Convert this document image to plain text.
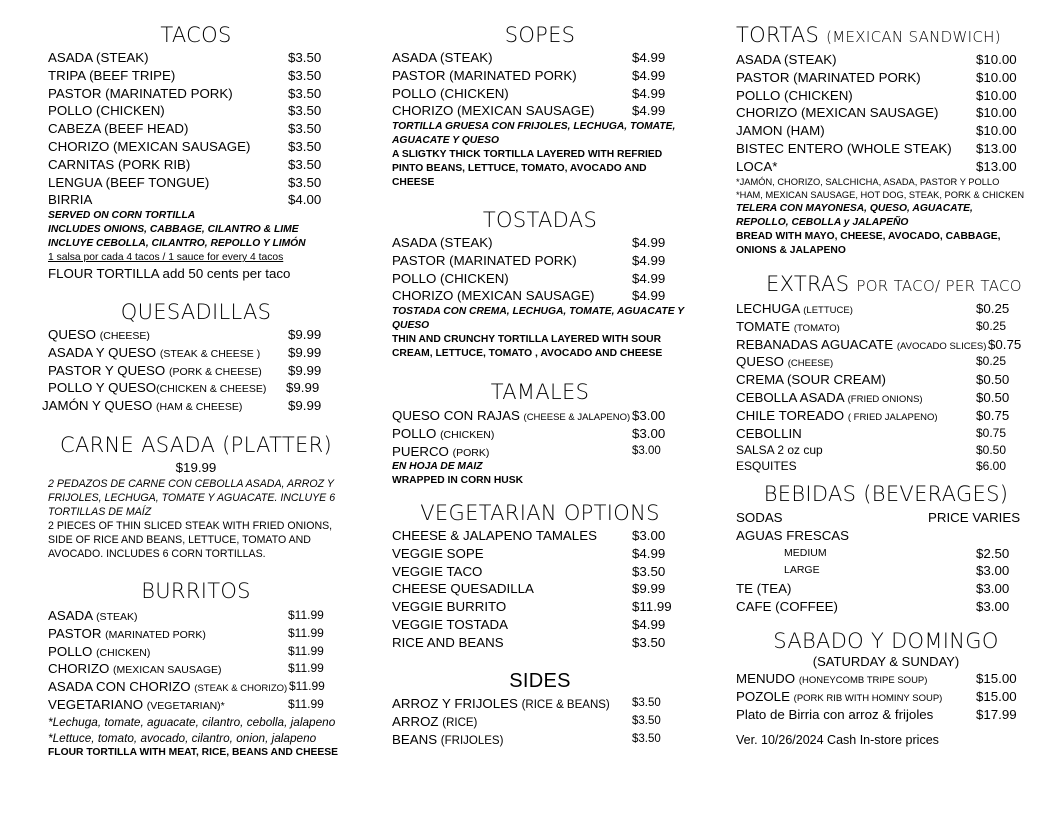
TACOS
ASADA (STEAK)	$3.50
TRIPA (BEEF TRIPE)	$3.50
PASTOR (MARINATED PORK)	$3.50
POLLO (CHICKEN)	$3.50
CABEZA (BEEF HEAD)	$3.50
CHORIZO (MEXICAN SAUSAGE)	$3.50
CARNITAS (PORK RIB)	$3.50
LENGUA (BEEF TONGUE)	$3.50
BIRRIA	$4.00
SERVED ON CORN TORTILLA
INCLUDES ONIONS, CABBAGE, CILANTRO & LIME
INCLUYE CEBOLLA, CILANTRO, REPOLLO Y LIMÓN
1 salsa por cada 4 tacos / 1 sauce for every 4 tacos
FLOUR TORTILLA add 50 cents per taco
QUESADILLAS
QUESO (CHEESE)	$9.99
ASADA Y QUESO (STEAK & CHEESE ) $9.99
PASTOR Y QUESO (PORK & CHEESE) $9.99
POLLO Y QUESO(CHICKEN & CHEESE) $9.99
JAMÓN Y QUESO (HAM & CHEESE)	$9.99
CARNE ASADA (PLATTER)
$19.99
2 PEDAZOS DE CARNE CON CEBOLLA ASADA, ARROZ Y FRIJOLES, LECHUGA, TOMATE Y AGUACATE. INCLUYE 6 TORTILLAS DE MAÍZ
2 PIECES OF THIN SLICED STEAK WITH FRIED ONIONS, SIDE OF RICE AND BEANS, LETTUCE, TOMATO AND AVOCADO. INCLUDES 6 CORN TORTILLAS.
BURRITOS
ASADA (STEAK)	$11.99
PASTOR (MARINATED PORK)	$11.99
POLLO (CHICKEN)	$11.99
CHORIZO (MEXICAN SAUSAGE)	$11.99
ASADA CON CHORIZO (STEAK & CHORIZO) $11.99
VEGETARIANO (VEGETARIAN)*	$11.99
*Lechuga, tomate, aguacate, cilantro, cebolla, jalapeno
*Lettuce, tomato, avocado, cilantro, onion, jalapeno
FLOUR TORTILLA WITH MEAT, RICE, BEANS AND CHEESE
SOPES
ASADA (STEAK)	$4.99
PASTOR (MARINATED PORK)	$4.99
POLLO (CHICKEN)	$4.99
CHORIZO (MEXICAN SAUSAGE)	$4.99
TORTILLA GRUESA CON FRIJOLES, LECHUGA, TOMATE, AGUACATE Y QUESO
A SLIGTKY THICK TORTILLA LAYERED WITH REFRIED PINTO BEANS, LETTUCE, TOMATO, AVOCADO AND CHEESE
TOSTADAS
ASADA (STEAK)	$4.99
PASTOR (MARINATED PORK)	$4.99
POLLO (CHICKEN)	$4.99
CHORIZO (MEXICAN SAUSAGE)	$4.99
TOSTADA CON CREMA, LECHUGA, TOMATE, AGUACATE Y QUESO
THIN AND CRUNCHY TORTILLA LAYERED WITH SOUR CREAM, LETTUCE, TOMATO , AVOCADO AND CHEESE
TAMALES
QUESO CON RAJAS (CHEESE & JALAPENO) $3.00
POLLO (CHICKEN)	$3.00
PUERCO (PORK)	$3.00
EN HOJA DE MAIZ
WRAPPED IN CORN HUSK
VEGETARIAN OPTIONS
CHEESE & JALAPENO TAMALES	$3.00
VEGGIE SOPE	$4.99
VEGGIE TACO	$3.50
CHEESE QUESADILLA	$9.99
VEGGIE BURRITO	$11.99
VEGGIE TOSTADA	$4.99
RICE AND BEANS	$3.50
SIDES
ARROZ Y FRIJOLES (RICE & BEANS) $3.50
ARROZ (RICE)	$3.50
BEANS (FRIJOLES)	$3.50
TORTAS (MEXICAN SANDWICH)
ASADA (STEAK)	$10.00
PASTOR (MARINATED PORK)	$10.00
POLLO (CHICKEN)	$10.00
CHORIZO (MEXICAN SAUSAGE)	$10.00
JAMON (HAM)	$10.00
BISTEC ENTERO (WHOLE STEAK) $13.00
LOCA*	$13.00
*JAMÓN, CHORIZO, SALCHICHA, ASADA, PASTOR Y POLLO
*HAM, MEXICAN SAUSAGE, HOT DOG, STEAK, PORK & CHICKEN
TELERA CON MAYONESA, QUESO, AGUACATE, REPOLLO, CEBOLLA y JALAPEÑO
BREAD WITH MAYO, CHEESE, AVOCADO, CABBAGE, ONIONS & JALAPENO
EXTRAS POR TACO/ PER TACO
LECHUGA (LETTUCE)	$0.25
TOMATE (TOMATO)	$0.25
REBANADAS AGUACATE (AVOCADO SLICES) $0.75
QUESO (CHEESE)	$0.25
CREMA (SOUR CREAM)	$0.50
CEBOLLA ASADA (FRIED ONIONS)	$0.50
CHILE TOREADO ( FRIED JALAPENO)	$0.75
CEBOLLIN	$0.75
SALSA 2 oz cup	$0.50
ESQUITES	$6.00
BEBIDAS (BEVERAGES)
SODAS	PRICE VARIES
AGUAS FRESCAS
MEDIUM	$2.50
LARGE	$3.00
TE (TEA)	$3.00
CAFE (COFFEE)	$3.00
SABADO Y DOMINGO
(SATURDAY & SUNDAY)
MENUDO (HONEYCOMB TRIPE SOUP)	$15.00
POZOLE (PORK RIB WITH HOMINY SOUP)	$15.00
Plato de Birria con arroz & frijoles	$17.99
Ver. 10/26/2024 Cash In-store prices
